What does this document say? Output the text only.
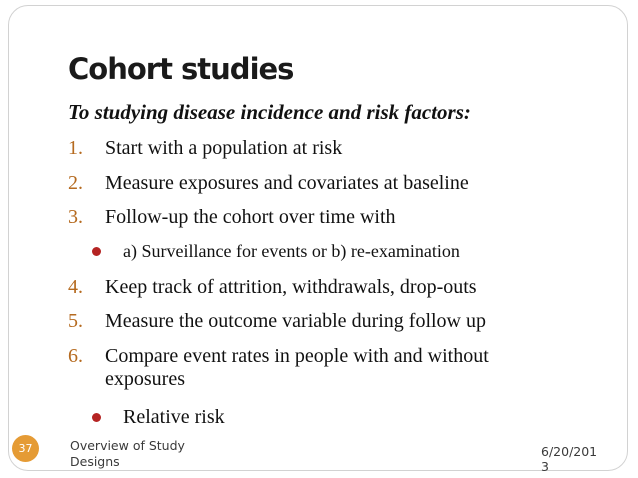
Cohort studies
To studying disease incidence and risk factors:
1.	Start with a population at risk
2.	Measure exposures and covariates at baseline
3.	Follow-up the cohort over time with
a) Surveillance for events or b) re-examination
4.	Keep track of attrition, withdrawals, drop-outs
5.	Measure the outcome variable during follow up
6.	Compare event rates in people with and without exposures
Relative risk
37	Overview of Study Designs
6/20/2013
